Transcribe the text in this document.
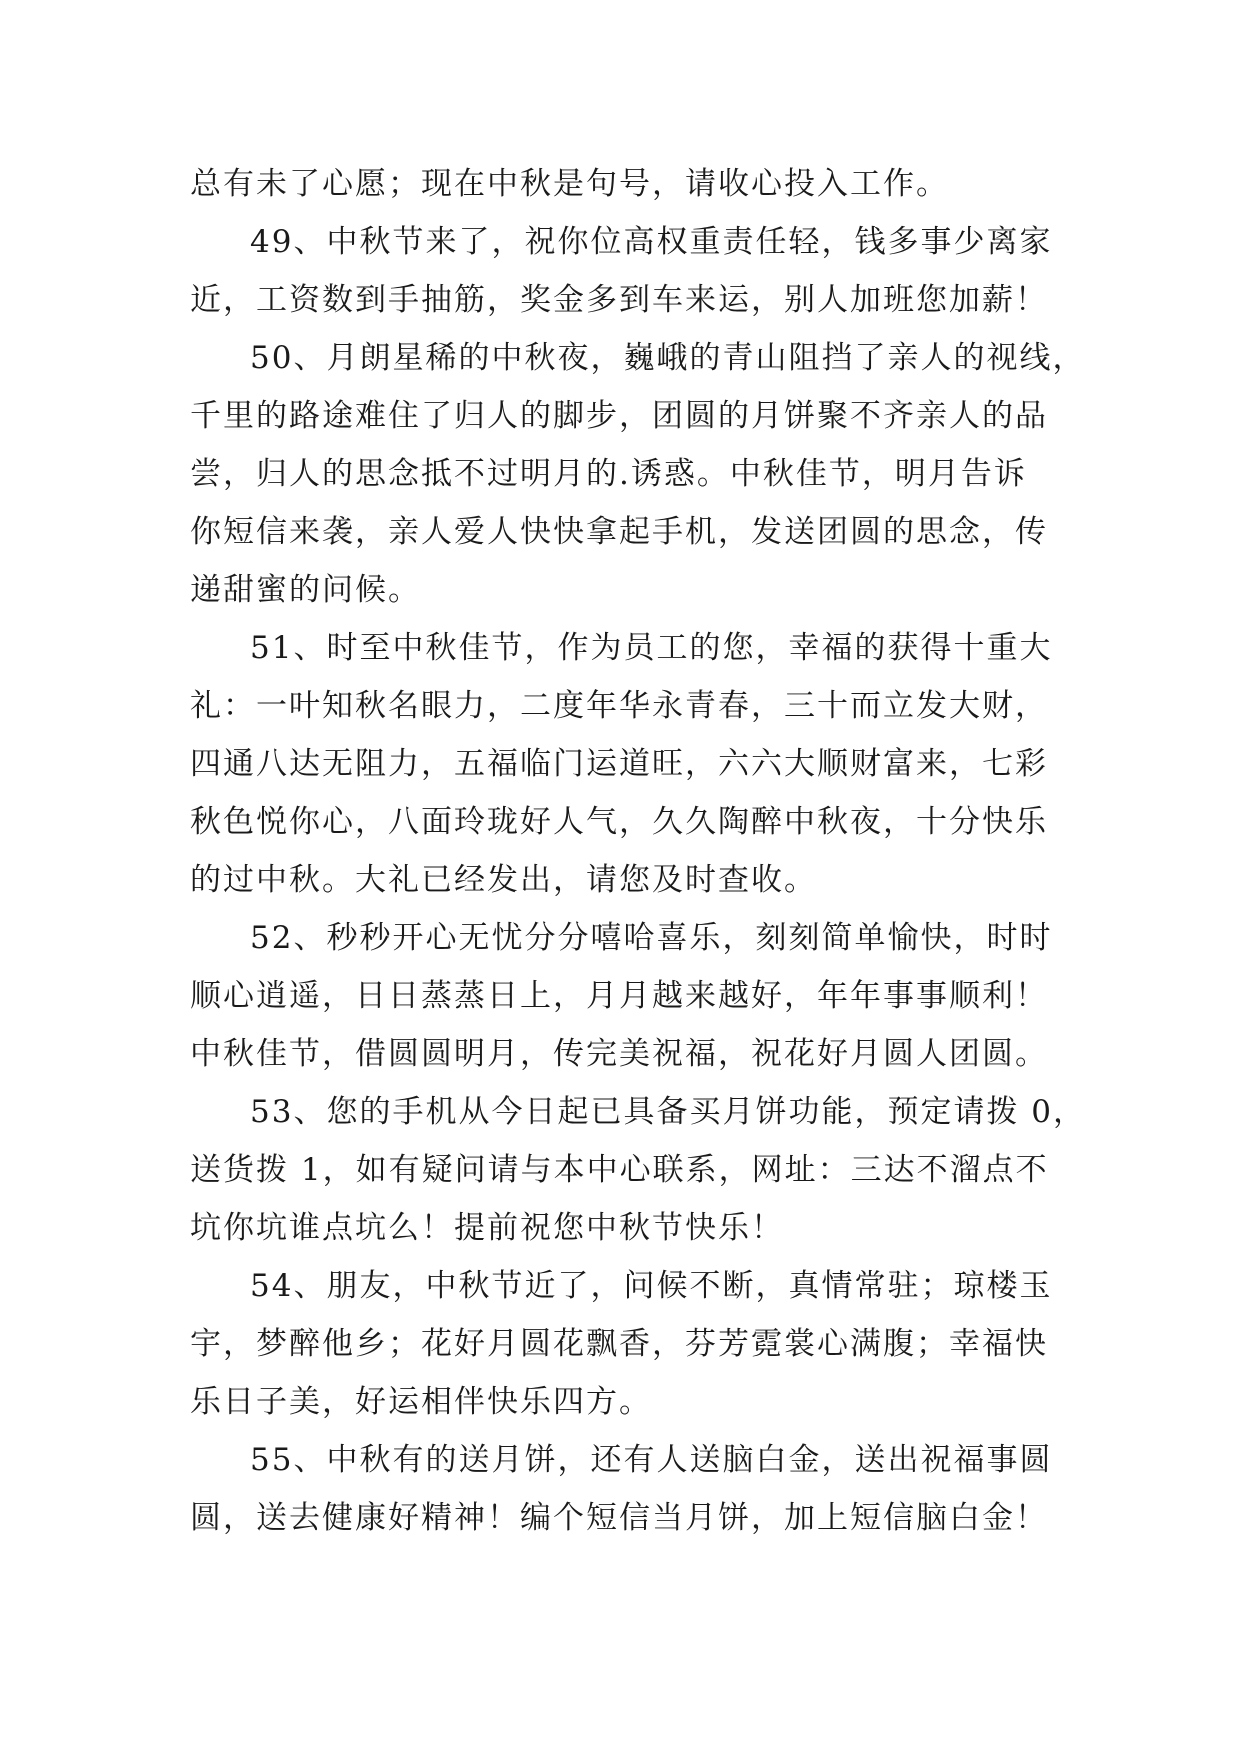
总有未了心愿；现在中秋是句号，请收心投入工作。
49、中秋节来了，祝你位高权重责任轻，钱多事少离家
近，工资数到手抽筋，奖金多到车来运，别人加班您加薪！
50、月朗星稀的中秋夜，巍峨的青山阻挡了亲人的视线，
千里的路途难住了归人的脚步，团圆的月饼聚不齐亲人的品
尝，归人的思念抵不过明月的.诱惑。中秋佳节，明月告诉
你短信来袭，亲人爱人快快拿起手机，发送团圆的思念，传
递甜蜜的问候。
51、时至中秋佳节，作为员工的您，幸福的获得十重大
礼：一叶知秋名眼力，二度年华永青春，三十而立发大财，
四通八达无阻力，五福临门运道旺，六六大顺财富来，七彩
秋色悦你心，八面玲珑好人气，久久陶醉中秋夜，十分快乐
的过中秋。大礼已经发出，请您及时查收。
52、秒秒开心无忧分分嘻哈喜乐，刻刻简单愉快，时时
顺心逍遥，日日蒸蒸日上，月月越来越好，年年事事顺利！
中秋佳节，借圆圆明月，传完美祝福，祝花好月圆人团圆。
53、您的手机从今日起已具备买月饼功能，预定请拨 0，
送货拨 1，如有疑问请与本中心联系，网址：三达不溜点不
坑你坑谁点坑么！提前祝您中秋节快乐！
54、朋友，中秋节近了，问候不断，真情常驻；琼楼玉
宇，梦醉他乡；花好月圆花飘香，芬芳霓裳心满腹；幸福快
乐日子美，好运相伴快乐四方。
55、中秋有的送月饼，还有人送脑白金，送出祝福事圆
圆，送去健康好精神！编个短信当月饼，加上短信脑白金！
